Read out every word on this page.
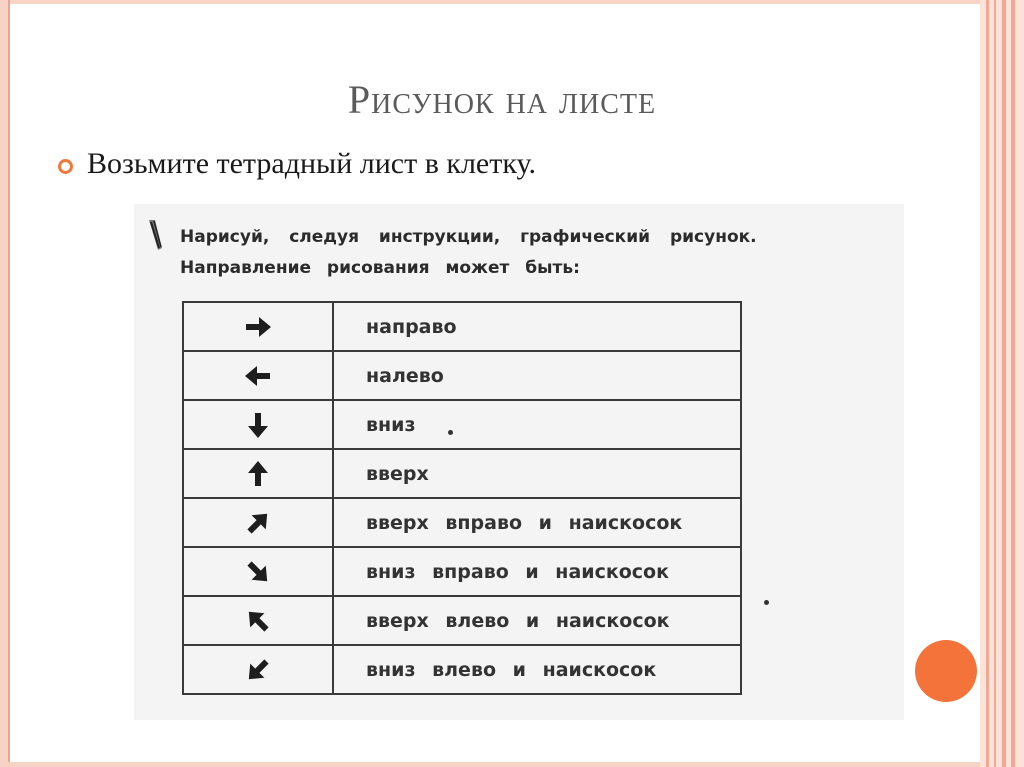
Рисунок на листе
Возьмите тетрадный лист в клетку.
Нарисуй, следуя инструкции, графический рисунок.
Направление рисования может быть:
	направо
	налево
	вниз
	вверх
	вверх вправо и наискосок
	вниз вправо и наискосок
	вверх влево и наискосок
	вниз влево и наискосок
